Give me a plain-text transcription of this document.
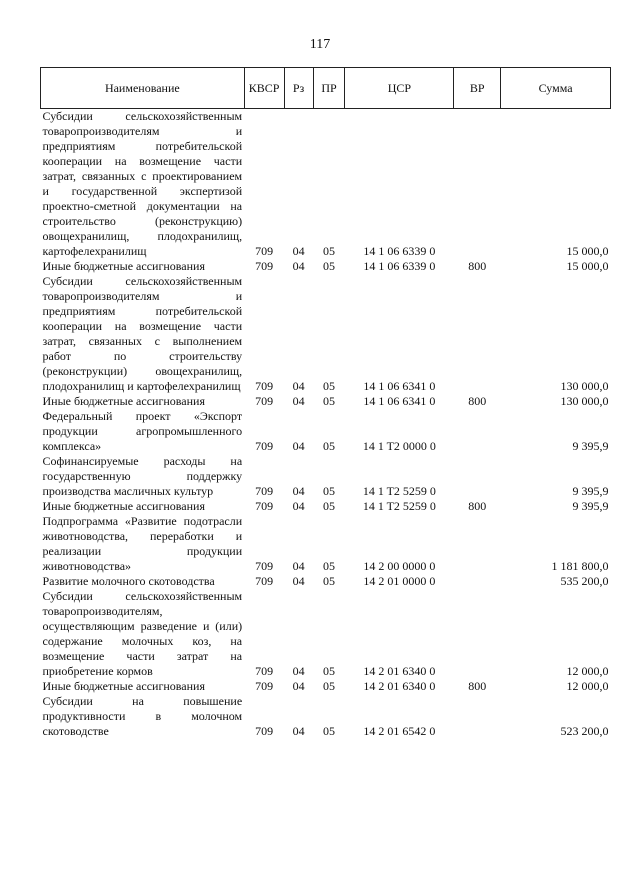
117
Наименование	КВСР	Рз	ПР	ЦСР	ВР	Сумма
Субсидии сельскохозяйственным товаропроизводителям и предприятиям потребительской кооперации на возмещение части затрат, связанных с проектированием и государственной экспертизой проектно-сметной документации на строительство (реконструкцию) овощехранилищ, плодохранилищ, картофелехранилищ	709	04	05	14 1 06 6339 0		15 000,0
Иные бюджетные ассигнования	709	04	05	14 1 06 6339 0	800	15 000,0
Субсидии сельскохозяйственным товаропроизводителям и предприятиям потребительской кооперации на возмещение части затрат, связанных с выполнением работ по строительству (реконструкции) овощехранилищ, плодохранилищ и картофелехранилищ	709	04	05	14 1 06 6341 0		130 000,0
Иные бюджетные ассигнования	709	04	05	14 1 06 6341 0	800	130 000,0
Федеральный проект «Экспорт продукции агропромышленного комплекса»	709	04	05	14 1 T2 0000 0		9 395,9
Софинансируемые расходы на государственную поддержку производства масличных культур	709	04	05	14 1 T2 5259 0		9 395,9
Иные бюджетные ассигнования	709	04	05	14 1 T2 5259 0	800	9 395,9
Подпрограмма «Развитие подотрасли животноводства, переработки и реализации продукции животноводства»	709	04	05	14 2 00 0000 0		1 181 800,0
Развитие молочного скотоводства	709	04	05	14 2 01 0000 0		535 200,0
Субсидии сельскохозяйственным товаропроизводителям, осуществляющим разведение и (или) содержание молочных коз, на возмещение части затрат на приобретение кормов	709	04	05	14 2 01 6340 0		12 000,0
Иные бюджетные ассигнования	709	04	05	14 2 01 6340 0	800	12 000,0
Субсидии на повышение продуктивности в молочном скотоводстве	709	04	05	14 2 01 6542 0		523 200,0
